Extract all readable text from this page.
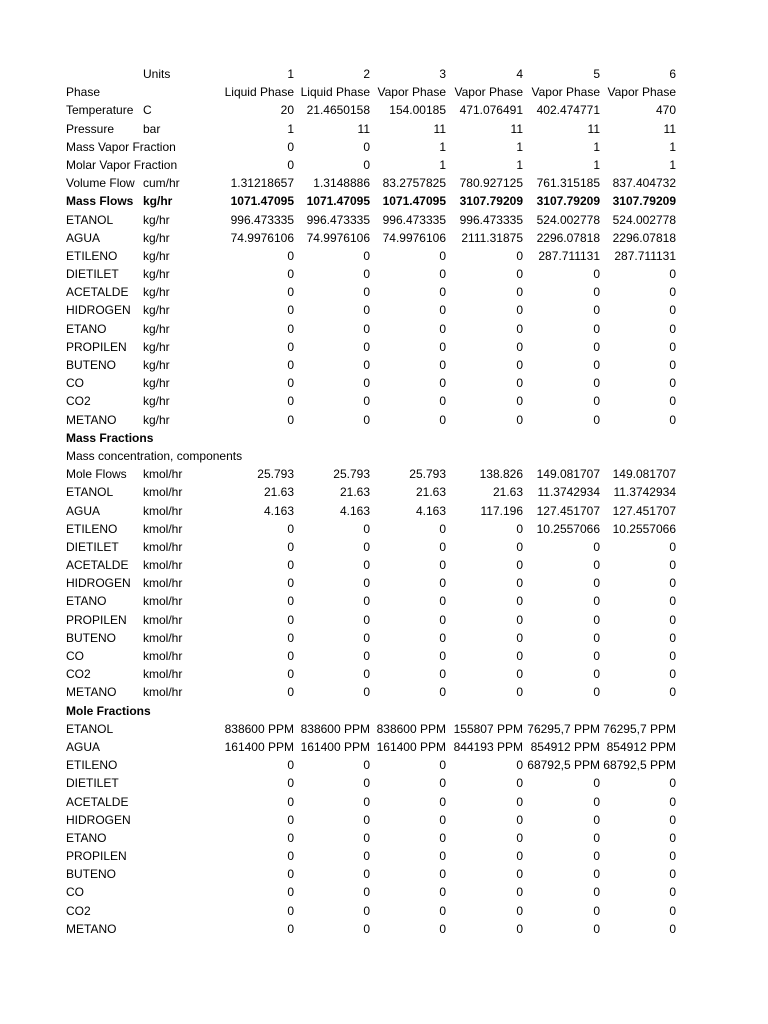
Units	1	2	3	4	5	6
Phase	Liquid Phase Liquid Phase Vapor Phase Vapor Phase Vapor Phase Vapor Phase
Temperature C	20	21.4650158	154.00185	471.076491	402.474771	470
Pressure bar	1	11	11	11	11	11
Mass Vapor Fraction	0	0	1	1	1	1
Molar Vapor Fraction	0	0	1	1	1	1
Volume Flow cum/hr	1.31218657	1.3148886	83.2757825	780.927125	761.315185	837.404732
Mass Flows kg/hr	1071.47095	1071.47095	1071.47095	3107.79209	3107.79209	3107.79209
ETANOL kg/hr	996.473335	996.473335	996.473335	996.473335	524.002778	524.002778
AGUA	kg/hr	74.9976106	74.9976106	74.9976106	2111.31875	2296.07818	2296.07818
ETILENO kg/hr	0	0	0	0	287.711131	287.711131
DIETILET kg/hr	0	0	0	0	0	0
ACETALDE kg/hr	0	0	0	0	0	0
HIDROGEN kg/hr	0	0	0	0	0	0
ETANO	kg/hr	0	0	0	0	0	0
PROPILEN kg/hr	0	0	0	0	0	0
BUTENO kg/hr	0	0	0	0	0	0
CO	kg/hr	0	0	0	0	0	0
CO2	kg/hr	0	0	0	0	0	0
METANO kg/hr	0	0	0	0	0	0
Mass Fractions
Mass concentration, components
Mole Flows kmol/hr	25.793	25.793	25.793	138.826	149.081707	149.081707
ETANOL kmol/hr	21.63	21.63	21.63	21.63	11.3742934	11.3742934
AGUA	kmol/hr	4.163	4.163	4.163	117.196	127.451707	127.451707
ETILENO kmol/hr	0	0	0	0	10.2557066	10.2557066
DIETILET kmol/hr	0	0	0	0	0	0
ACETALDE kmol/hr	0	0	0	0	0	0
HIDROGEN kmol/hr	0	0	0	0	0	0
ETANO	kmol/hr	0	0	0	0	0	0
PROPILEN kmol/hr	0	0	0	0	0	0
BUTENO kmol/hr	0	0	0	0	0	0
CO	kmol/hr	0	0	0	0	0	0
CO2	kmol/hr	0	0	0	0	0	0
METANO kmol/hr	0	0	0	0	0	0
Mole Fractions
ETANOL	838600 PPM 838600 PPM 838600 PPM 155807 PPM 76295,7 PPM 76295,7 PPM
AGUA	161400 PPM 161400 PPM 161400 PPM 844193 PPM 854912 PPM 854912 PPM
ETILENO	0	0	0	0 68792,5 PPM 68792,5 PPM
DIETILET	0	0	0	0	0	0
ACETALDE	0	0	0	0	0	0
HIDROGEN	0	0	0	0	0	0
ETANO	0	0	0	0	0	0
PROPILEN	0	0	0	0	0	0
BUTENO	0	0	0	0	0	0
CO	0	0	0	0	0	0
CO2	0	0	0	0	0	0
METANO	0	0	0	0	0	0
